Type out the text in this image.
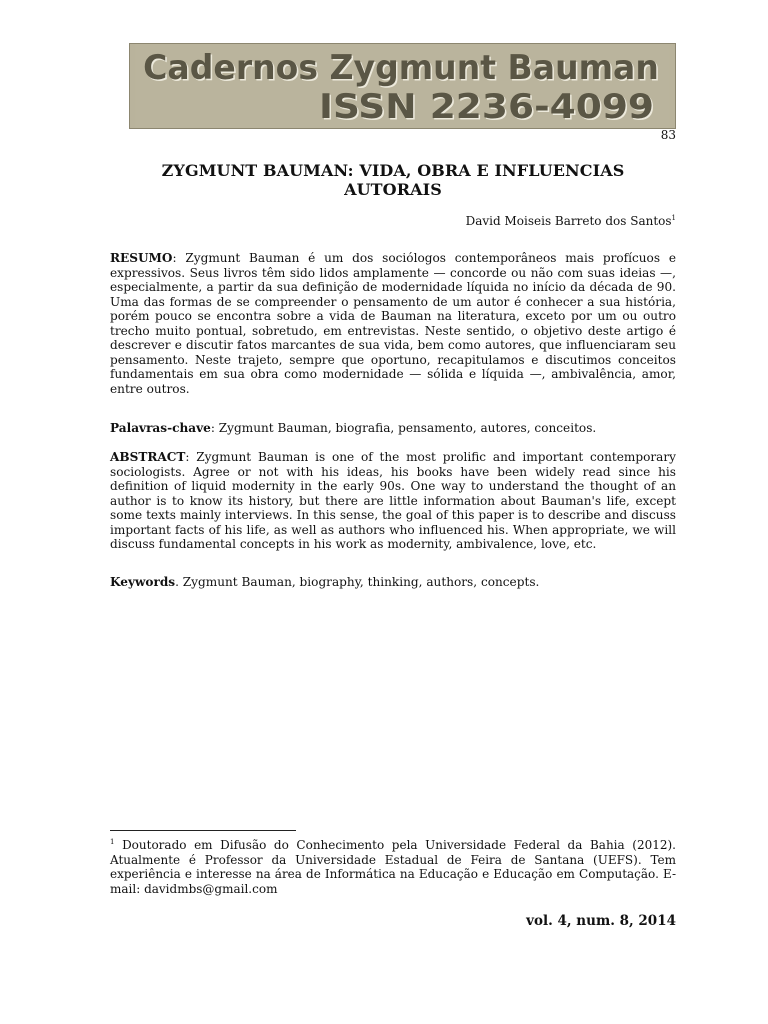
Cadernos Zygmunt Bauman
ISSN 2236-4099
83
ZYGMUNT BAUMAN: VIDA, OBRA E INFLUENCIAS AUTORAIS
David Moiseis Barreto dos Santos$^1$

RESUMO: Zygmunt Bauman é um dos sociólogos contemporâneos mais profícuos e expressivos. Seus livros têm sido lidos amplamente — concorde ou não com suas ideias —, especialmente, a partir da sua definição de modernidade líquida no início da década de 90. Uma das formas de se compreender o pensamento de um autor é conhecer a sua história, porém pouco se encontra sobre a vida de Bauman na literatura, exceto por um ou outro trecho muito pontual, sobretudo, em entrevistas. Neste sentido, o objetivo deste artigo é descrever e discutir fatos marcantes de sua vida, bem como autores, que influenciaram seu pensamento. Neste trajeto, sempre que oportuno, recapitulamos e discutimos conceitos fundamentais em sua obra como modernidade — sólida e líquida —, ambivalência, amor, entre outros.

Palavras-chave: Zygmunt Bauman, biografia, pensamento, autores, conceitos.

ABSTRACT: Zygmunt Bauman is one of the most prolific and important contemporary sociologists. Agree or not with his ideas, his books have been widely read since his definition of liquid modernity in the early 90s. One way to understand the thought of an author is to know its history, but there are little information about Bauman's life, except some texts mainly interviews. In this sense, the goal of this paper is to describe and discuss important facts of his life, as well as authors who influenced his. When appropriate, we will discuss fundamental concepts in his work as modernity, ambivalence, love, etc.

Keywords. Zygmunt Bauman, biography, thinking, authors, concepts.

$^1$ Doutorado em Difusão do Conhecimento pela Universidade Federal da Bahia (2012). Atualmente é Professor da Universidade Estadual de Feira de Santana (UEFS). Tem experiência e interesse na área de Informática na Educação e Educação em Computação. E-mail: davidmbs@gmail.com

vol. 4, num. 8, 2014
